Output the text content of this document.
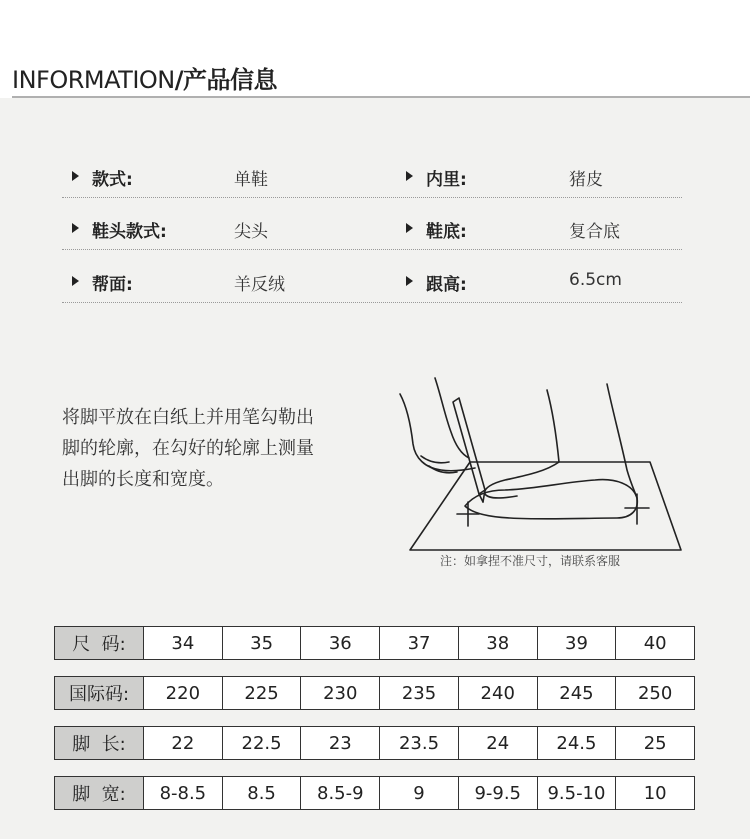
INFORMATION/产品信息
款式:	单鞋	内里:	猪皮
鞋头款式:	尖头	鞋底:	复合底
帮面:	羊反绒	跟高:	6.5cm
将脚平放在白纸上并用笔勾勒出
脚的轮廓，在勾好的轮廓上测量
出脚的长度和宽度。
注：如拿捏不准尺寸，请联系客服
尺  码:	34	35	36	37	38	39	40
国际码:	220	225	230	235	240	245	250
脚  长:	22	22.5	23	23.5	24	24.5	25
脚  宽:	8-8.5	8.5	8.5-9	9	9-9.5	9.5-10	10
